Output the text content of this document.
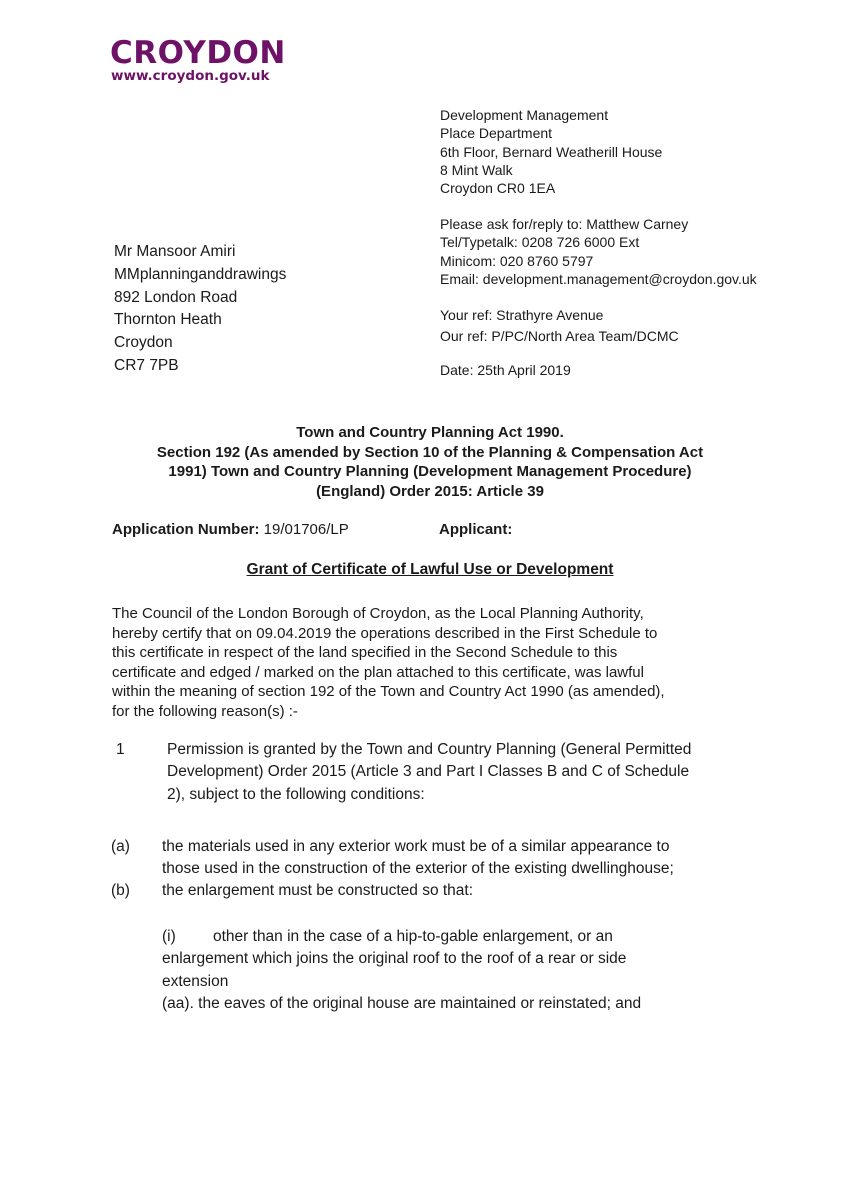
CROYDON
www.croydon.gov.uk
Development Management
Place Department
6th Floor, Bernard Weatherill House
8 Mint Walk
Croydon CR0 1EA
Please ask for/reply to: Matthew Carney
Tel/Typetalk: 0208 726 6000 Ext
Minicom: 020 8760 5797
Email: development.management@croydon.gov.uk
Your ref: Strathyre Avenue
Our ref: P/PC/North Area Team/DCMC
Date: 25th April 2019
Mr Mansoor Amiri
MMplanninganddrawings
892 London Road
Thornton Heath
Croydon
CR7 7PB
Town and Country Planning Act 1990.
Section 192 (As amended by Section 10 of the Planning & Compensation Act
1991) Town and Country Planning (Development Management Procedure)
(England) Order 2015: Article 39
Application Number: 19/01706/LP	Applicant:
Grant of Certificate of Lawful Use or Development
The Council of the London Borough of Croydon, as the Local Planning Authority,
hereby certify that on 09.04.2019 the operations described in the First Schedule to
this certificate in respect of the land specified in the Second Schedule to this
certificate and edged / marked on the plan attached to this certificate, was lawful
within the meaning of section 192 of the Town and Country Act 1990 (as amended),
for the following reason(s) :-
1	Permission is granted by the Town and Country Planning (General Permitted
Development) Order 2015 (Article 3 and Part I Classes B and C of Schedule
2), subject to the following conditions:
(a) the materials used in any exterior work must be of a similar appearance to
those used in the construction of the exterior of the existing dwellinghouse;
(b) the enlargement must be constructed so that:
(i) other than in the case of a hip-to-gable enlargement, or an
enlargement which joins the original roof to the roof of a rear or side
extension
(aa). the eaves of the original house are maintained or reinstated; and
